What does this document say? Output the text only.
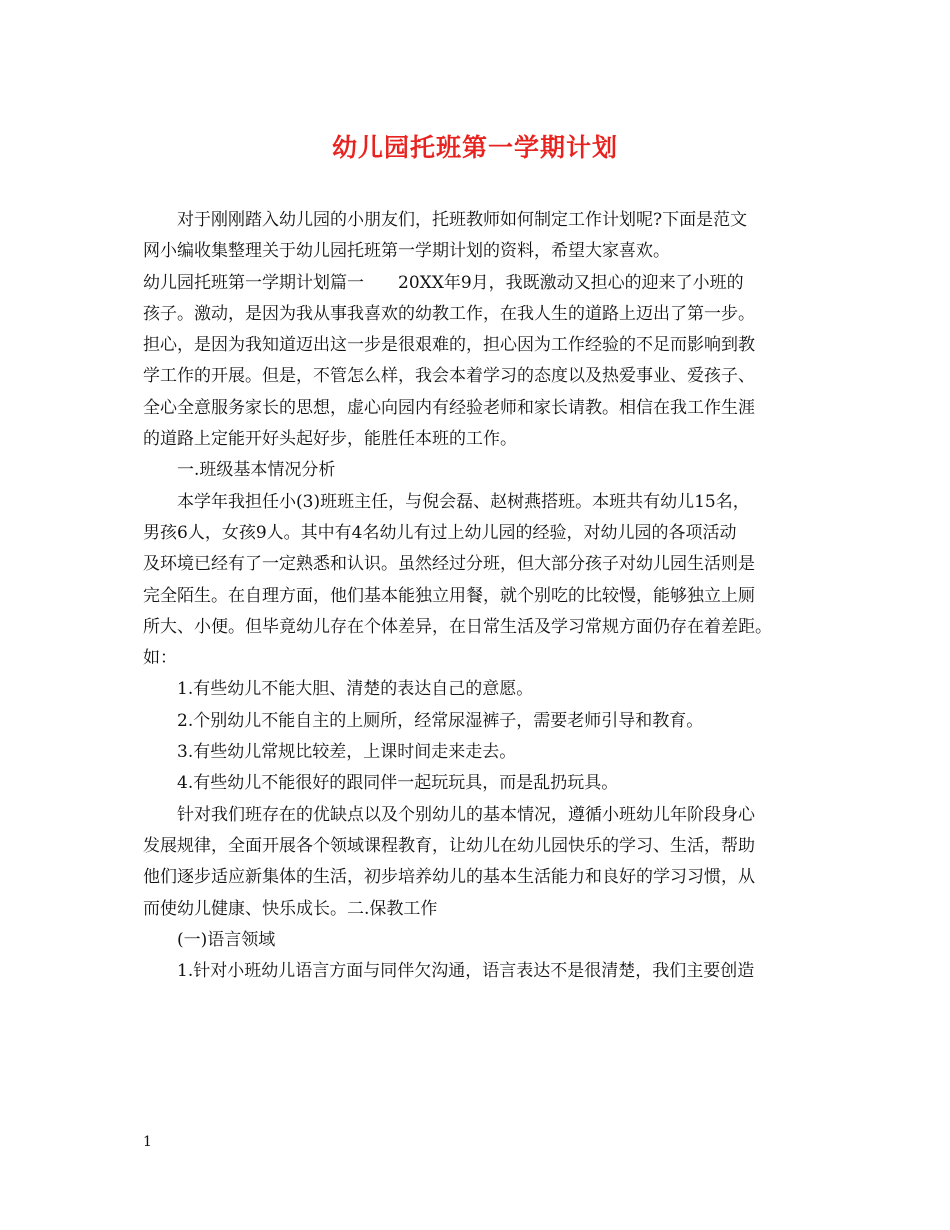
幼儿园托班第一学期计划

对于刚刚踏入幼儿园的小朋友们，托班教师如何制定工作计划呢?下面是范文

网小编收集整理关于幼儿园托班第一学期计划的资料，希望大家喜欢。

幼儿园托班第一学期计划篇一　　20XX年9月，我既激动又担心的迎来了小班的

孩子。激动，是因为我从事我喜欢的幼教工作，在我人生的道路上迈出了第一步。

担心，是因为我知道迈出这一步是很艰难的，担心因为工作经验的不足而影响到教

学工作的开展。但是，不管怎么样，我会本着学习的态度以及热爱事业、爱孩子、

全心全意服务家长的思想，虚心向园内有经验老师和家长请教。相信在我工作生涯

的道路上定能开好头起好步，能胜任本班的工作。

一.班级基本情况分析

本学年我担任小(3)班班主任，与倪会磊、赵树燕搭班。本班共有幼儿15名，

男孩6人，女孩9人。其中有4名幼儿有过上幼儿园的经验，对幼儿园的各项活动

及环境已经有了一定熟悉和认识。虽然经过分班，但大部分孩子对幼儿园生活则是

完全陌生。在自理方面，他们基本能独立用餐，就个别吃的比较慢，能够独立上厕

所大、小便。但毕竟幼儿存在个体差异，在日常生活及学习常规方面仍存在着差距。

如：

1.有些幼儿不能大胆、清楚的表达自己的意愿。

2.个别幼儿不能自主的上厕所，经常尿湿裤子，需要老师引导和教育。

3.有些幼儿常规比较差，上课时间走来走去。

4.有些幼儿不能很好的跟同伴一起玩玩具，而是乱扔玩具。

针对我们班存在的优缺点以及个别幼儿的基本情况，遵循小班幼儿年阶段身心

发展规律，全面开展各个领域课程教育，让幼儿在幼儿园快乐的学习、生活，帮助

他们逐步适应新集体的生活，初步培养幼儿的基本生活能力和良好的学习习惯，从

而使幼儿健康、快乐成长。二.保教工作

(一)语言领域

1.针对小班幼儿语言方面与同伴欠沟通，语言表达不是很清楚，我们主要创造

1
